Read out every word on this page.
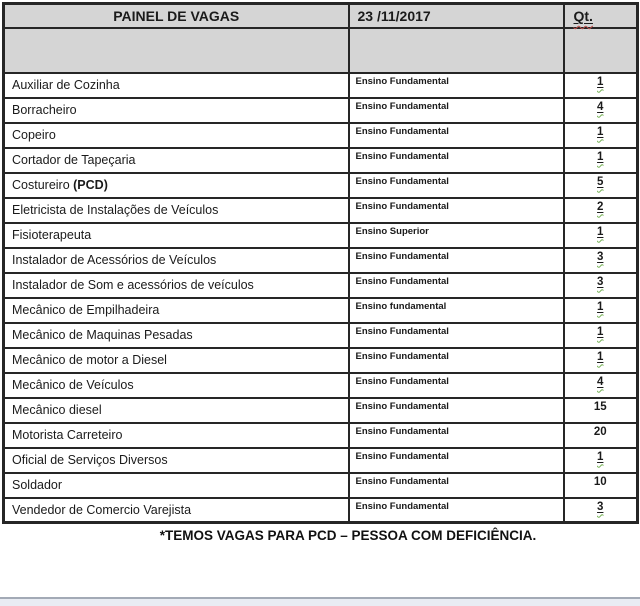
PAINEL DE VAGAS	23 /11/2017	Qt.

Auxiliar de Cozinha	Ensino Fundamental	1
Borracheiro	Ensino Fundamental	4
Copeiro	Ensino Fundamental	1
Cortador de Tapeçaria	Ensino Fundamental	1
Costureiro (PCD)	Ensino Fundamental	5
Eletricista de Instalações de Veículos	Ensino Fundamental	2
Fisioterapeuta	Ensino Superior	1
Instalador de Acessórios de Veículos	Ensino Fundamental	3
Instalador de Som e acessórios de veículos	Ensino Fundamental	3
Mecânico de Empilhadeira	Ensino fundamental	1
Mecânico de Maquinas Pesadas	Ensino Fundamental	1
Mecânico de motor a Diesel	Ensino Fundamental	1
Mecânico de Veículos	Ensino Fundamental	4
Mecânico diesel	Ensino Fundamental	15
Motorista Carreteiro	Ensino Fundamental	20
Oficial de Serviços Diversos	Ensino Fundamental	1
Soldador	Ensino Fundamental	10
Vendedor de Comercio Varejista	Ensino Fundamental	3
*TEMOS VAGAS PARA PCD – PESSOA COM DEFICIÊNCIA.
